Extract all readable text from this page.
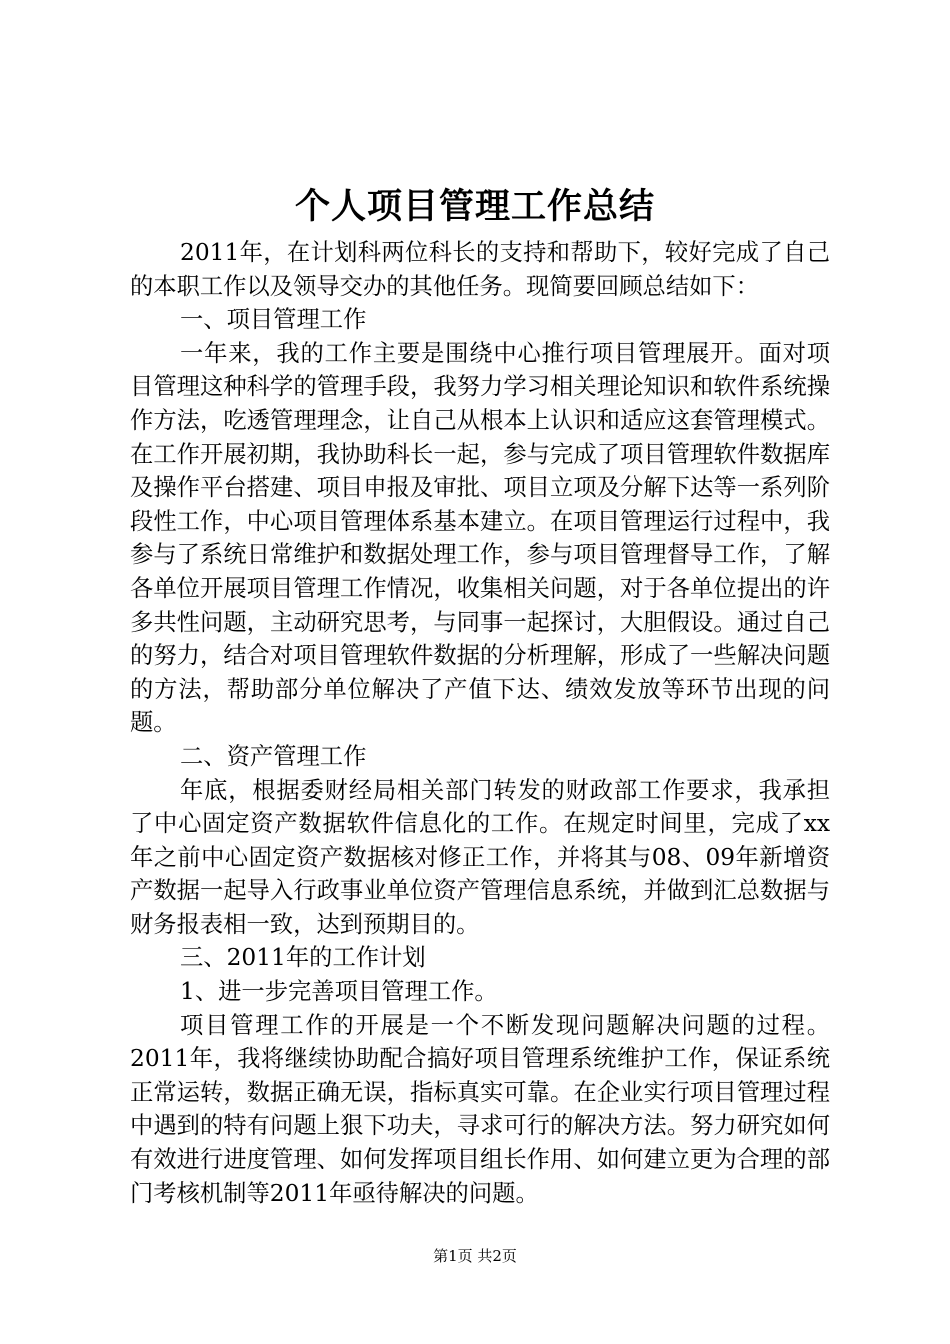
个人项目管理工作总结

2011年，在计划科两位科长的支持和帮助下，较好完成了自己的本职工作以及领导交办的其他任务。现简要回顾总结如下：

一、项目管理工作

一年来，我的工作主要是围绕中心推行项目管理展开。面对项目管理这种科学的管理手段，我努力学习相关理论知识和软件系统操作方法，吃透管理理念，让自己从根本上认识和适应这套管理模式。在工作开展初期，我协助科长一起，参与完成了项目管理软件数据库及操作平台搭建、项目申报及审批、项目立项及分解下达等一系列阶段性工作，中心项目管理体系基本建立。在项目管理运行过程中，我参与了系统日常维护和数据处理工作，参与项目管理督导工作，了解各单位开展项目管理工作情况，收集相关问题，对于各单位提出的许多共性问题，主动研究思考，与同事一起探讨，大胆假设。通过自己的努力，结合对项目管理软件数据的分析理解，形成了一些解决问题的方法，帮助部分单位解决了产值下达、绩效发放等环节出现的问题。

二、资产管理工作

年底，根据委财经局相关部门转发的财政部工作要求，我承担了中心固定资产数据软件信息化的工作。在规定时间里，完成了xx年之前中心固定资产数据核对修正工作，并将其与08、09年新增资产数据一起导入行政事业单位资产管理信息系统，并做到汇总数据与财务报表相一致，达到预期目的。

三、2011年的工作计划

1、进一步完善项目管理工作。

项目管理工作的开展是一个不断发现问题解决问题的过程。2011年，我将继续协助配合搞好项目管理系统维护工作，保证系统正常运转，数据正确无误，指标真实可靠。在企业实行项目管理过程中遇到的特有问题上狠下功夫，寻求可行的解决方法。努力研究如何有效进行进度管理、如何发挥项目组长作用、如何建立更为合理的部门考核机制等2011年亟待解决的问题。

第1页 共2页
